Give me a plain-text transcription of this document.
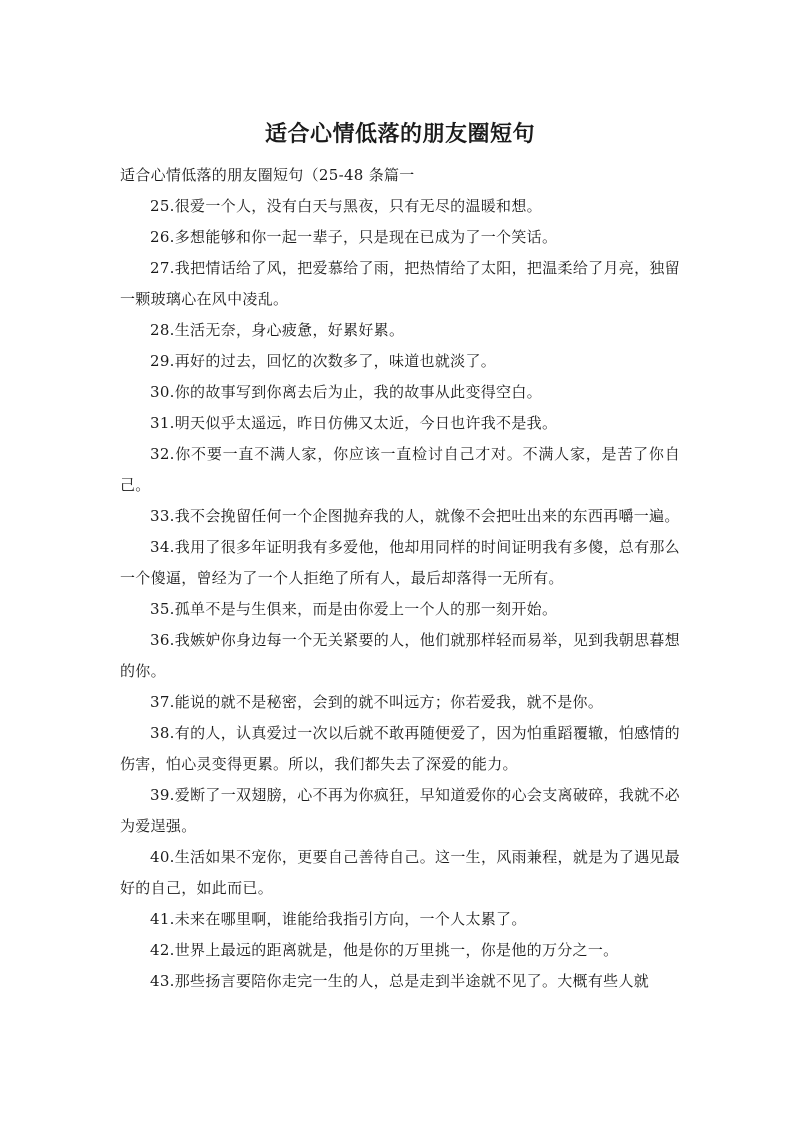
适合心情低落的朋友圈短句

适合心情低落的朋友圈短句（25-48 条篇一

25.很爱一个人，没有白天与黑夜，只有无尽的温暖和想。

26.多想能够和你一起一辈子，只是现在已成为了一个笑话。

27.我把情话给了风，把爱慕给了雨，把热情给了太阳，把温柔给了月亮，独留一颗玻璃心在风中凌乱。

28.生活无奈，身心疲惫，好累好累。

29.再好的过去，回忆的次数多了，味道也就淡了。

30.你的故事写到你离去后为止，我的故事从此变得空白。

31.明天似乎太遥远，昨日仿佛又太近，今日也许我不是我。

32.你不要一直不满人家，你应该一直检讨自己才对。不满人家，是苦了你自己。

33.我不会挽留任何一个企图抛弃我的人，就像不会把吐出来的东西再嚼一遍。

34.我用了很多年证明我有多爱他，他却用同样的时间证明我有多傻，总有那么一个傻逼，曾经为了一个人拒绝了所有人，最后却落得一无所有。

35.孤单不是与生俱来，而是由你爱上一个人的那一刻开始。

36.我嫉妒你身边每一个无关紧要的人，他们就那样轻而易举，见到我朝思暮想的你。

37.能说的就不是秘密，会到的就不叫远方；你若爱我，就不是你。

38.有的人，认真爱过一次以后就不敢再随便爱了，因为怕重蹈覆辙，怕感情的伤害，怕心灵变得更累。所以，我们都失去了深爱的能力。

39.爱断了一双翅膀，心不再为你疯狂，早知道爱你的心会支离破碎，我就不必为爱逞强。

40.生活如果不宠你，更要自己善待自己。这一生，风雨兼程，就是为了遇见最好的自己，如此而已。

41.未来在哪里啊，谁能给我指引方向，一个人太累了。

42.世界上最远的距离就是，他是你的万里挑一，你是他的万分之一。

43.那些扬言要陪你走完一生的人，总是走到半途就不见了。大概有些人就
